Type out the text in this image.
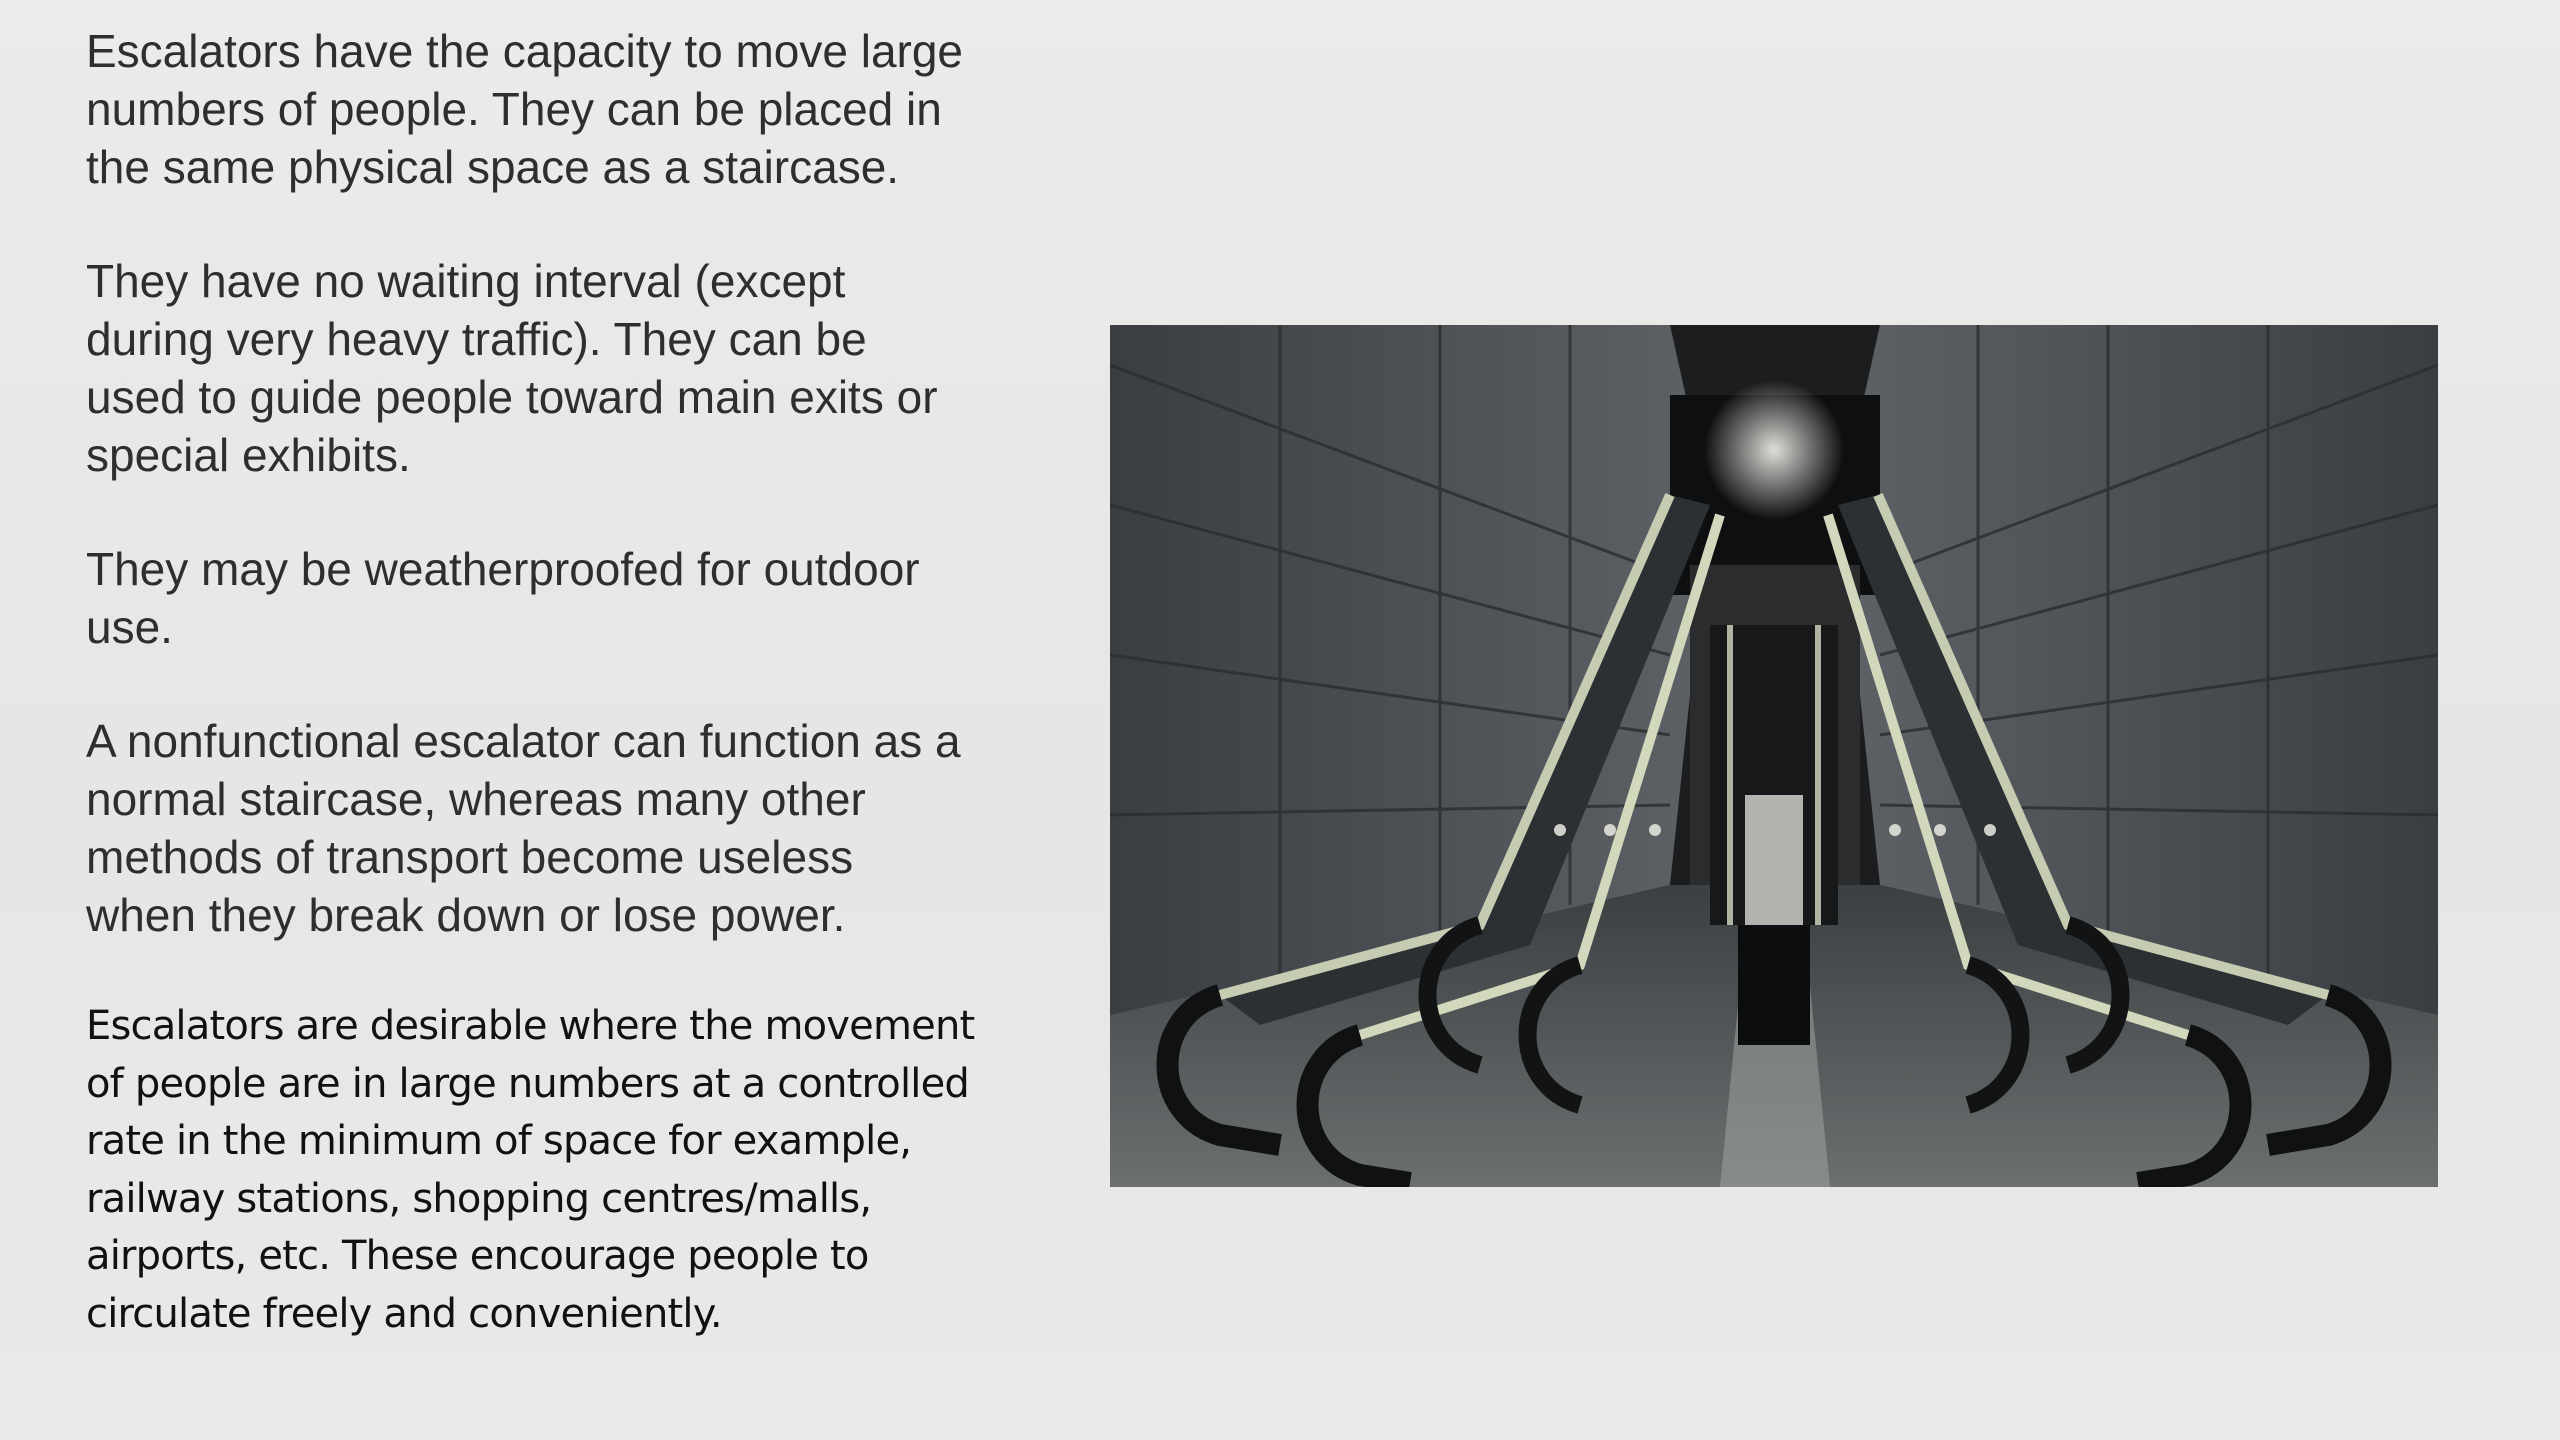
Escalators have the capacity to move large
numbers of people. They can be placed in
the same physical space as a staircase.

They have no waiting interval (except
during very heavy traffic). They can be
used to guide people toward main exits or
special exhibits.

They may be weatherproofed for outdoor
use.

A nonfunctional escalator can function as a
normal staircase, whereas many other
methods of transport become useless
when they break down or lose power.

Escalators are desirable where the movement
of people are in large numbers at a controlled
rate in the minimum of space for example,
railway stations, shopping centres/malls,
airports, etc. These encourage people to
circulate freely and conveniently.
